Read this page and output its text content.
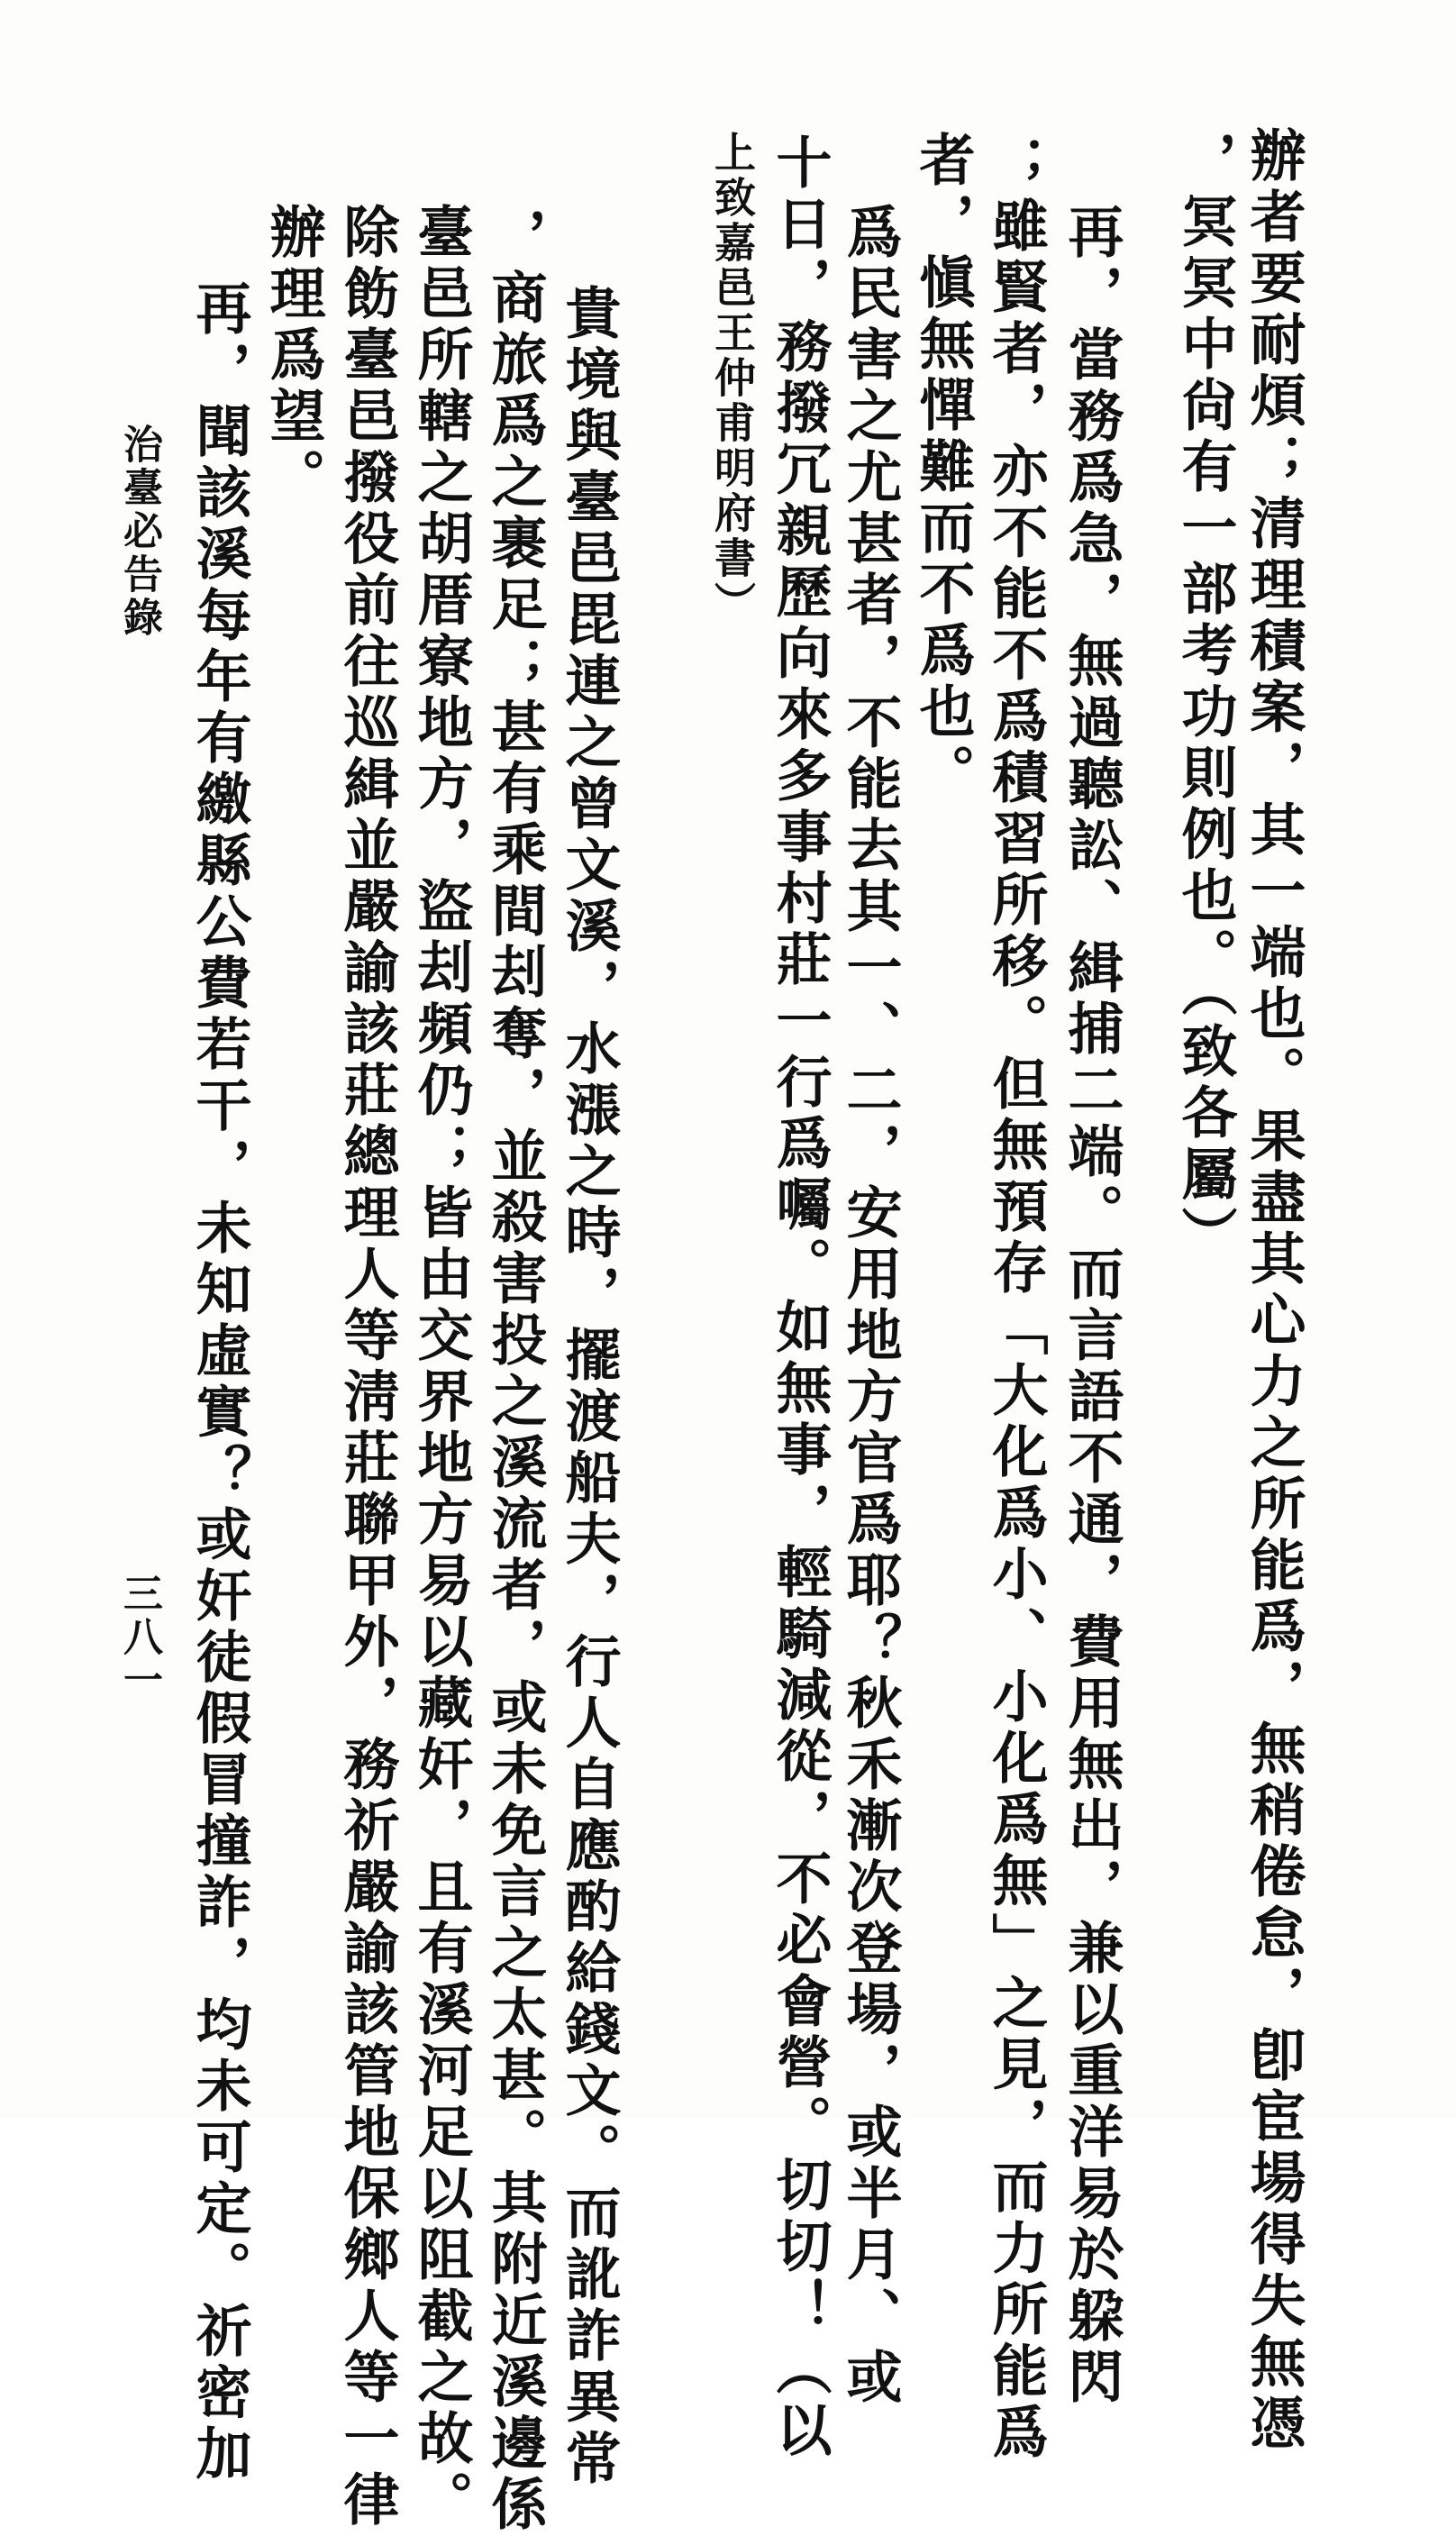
辦者要耐煩；清理積案，其一端也。果盡其心力之所能爲，無稍倦怠，卽宦場得失無憑
，冥冥中尙有一部考功則例也。（致各屬）
再，當務爲急，無過聽訟、緝捕二端。而言語不通，費用無出，兼以重洋易於躱閃
；雖賢者，亦不能不爲積習所移。但無預存「大化爲小、小化爲無」之見，而力所能爲
者，愼無憚難而不爲也。
爲民害之尤甚者，不能去其一、二，安用地方官爲耶？秋禾漸次登場，或半月、或
十日，務撥冗親歷向來多事村莊一行爲囑。如無事，輕騎減從，不必會營。切切！（以
上致嘉邑王仲甫明府書）
貴境與臺邑毘連之曾文溪，水漲之時，擺渡船夫，行人自應酌給錢文。而訛詐異常
，商旅爲之裹足；甚有乘間刦奪，並殺害投之溪流者，或未免言之太甚。其附近溪邊係
臺邑所轄之胡厝寮地方，盜刦頻仍；皆由交界地方易以藏奸，且有溪河足以阻截之故。
除飭臺邑撥役前往巡緝並嚴諭該莊總理人等淸莊聯甲外，務祈嚴諭該管地保鄉人等一律
辦理爲望。
再，聞該溪每年有繳縣公費若干，未知虛實？或奸徒假冒撞詐，均未可定。祈密加
治臺必告錄
三八一
